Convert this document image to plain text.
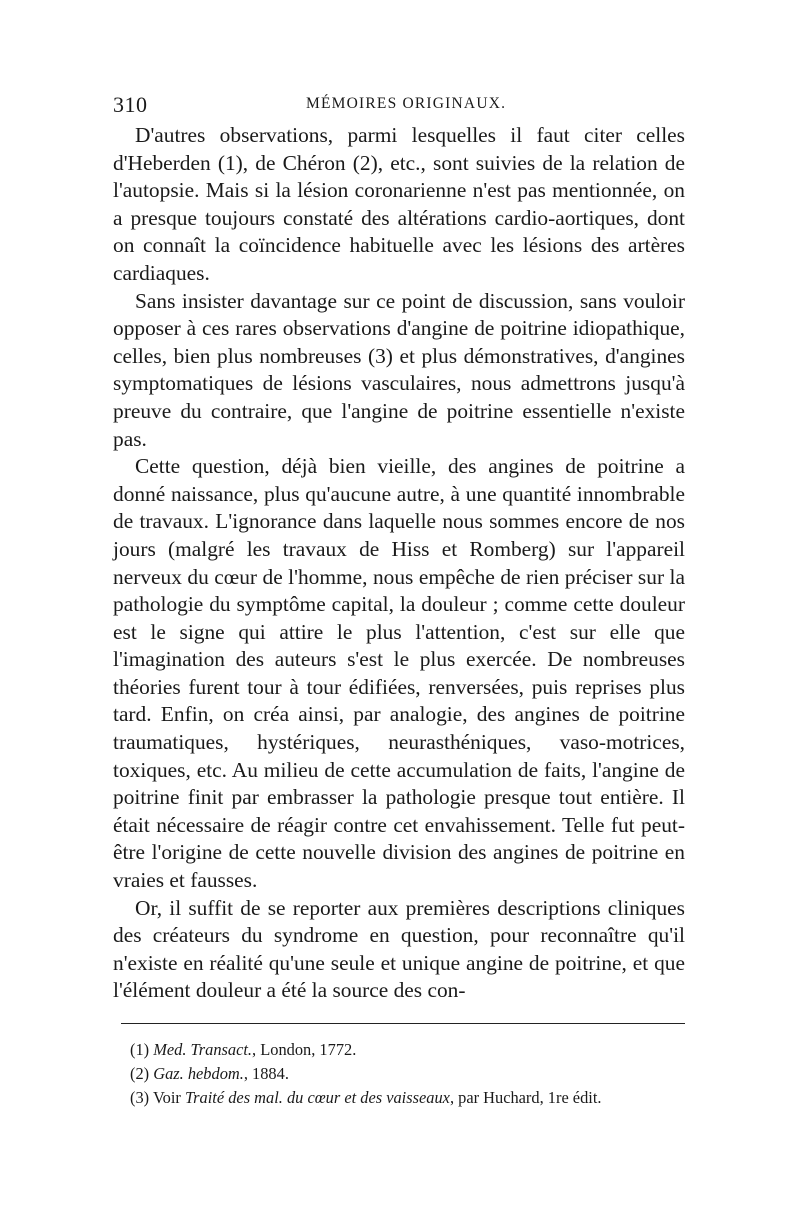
310	MÉMOIRES ORIGINAUX.

D'autres observations, parmi lesquelles il faut citer celles d'Heberden (1), de Chéron (2), etc., sont suivies de la relation de l'autopsie. Mais si la lésion coronarienne n'est pas mentionnée, on a presque toujours constaté des altérations cardio-aortiques, dont on connaît la coïncidence habituelle avec les lésions des artères cardiaques.

Sans insister davantage sur ce point de discussion, sans vouloir opposer à ces rares observations d'angine de poitrine idiopathique, celles, bien plus nombreuses (3) et plus démonstratives, d'angines symptomatiques de lésions vasculaires, nous admettrons jusqu'à preuve du contraire, que l'angine de poitrine essentielle n'existe pas.

Cette question, déjà bien vieille, des angines de poitrine a donné naissance, plus qu'aucune autre, à une quantité innombrable de travaux. L'ignorance dans laquelle nous sommes encore de nos jours (malgré les travaux de Hiss et Romberg) sur l'appareil nerveux du cœur de l'homme, nous empêche de rien préciser sur la pathologie du symptôme capital, la douleur ; comme cette douleur est le signe qui attire le plus l'attention, c'est sur elle que l'imagination des auteurs s'est le plus exercée. De nombreuses théories furent tour à tour édifiées, renversées, puis reprises plus tard. Enfin, on créa ainsi, par analogie, des angines de poitrine traumatiques, hystériques, neurasthéniques, vaso-motrices, toxiques, etc. Au milieu de cette accumulation de faits, l'angine de poitrine finit par embrasser la pathologie presque tout entière. Il était nécessaire de réagir contre cet envahissement. Telle fut peut-être l'origine de cette nouvelle division des angines de poitrine en vraies et fausses.

Or, il suffit de se reporter aux premières descriptions cliniques des créateurs du syndrome en question, pour reconnaître qu'il n'existe en réalité qu'une seule et unique angine de poitrine, et que l'élément douleur a été la source des con-

(1) Med. Transact., London, 1772.
(2) Gaz. hebdom., 1884.
(3) Voir Traité des mal. du cœur et des vaisseaux, par Huchard, 1re édit.
